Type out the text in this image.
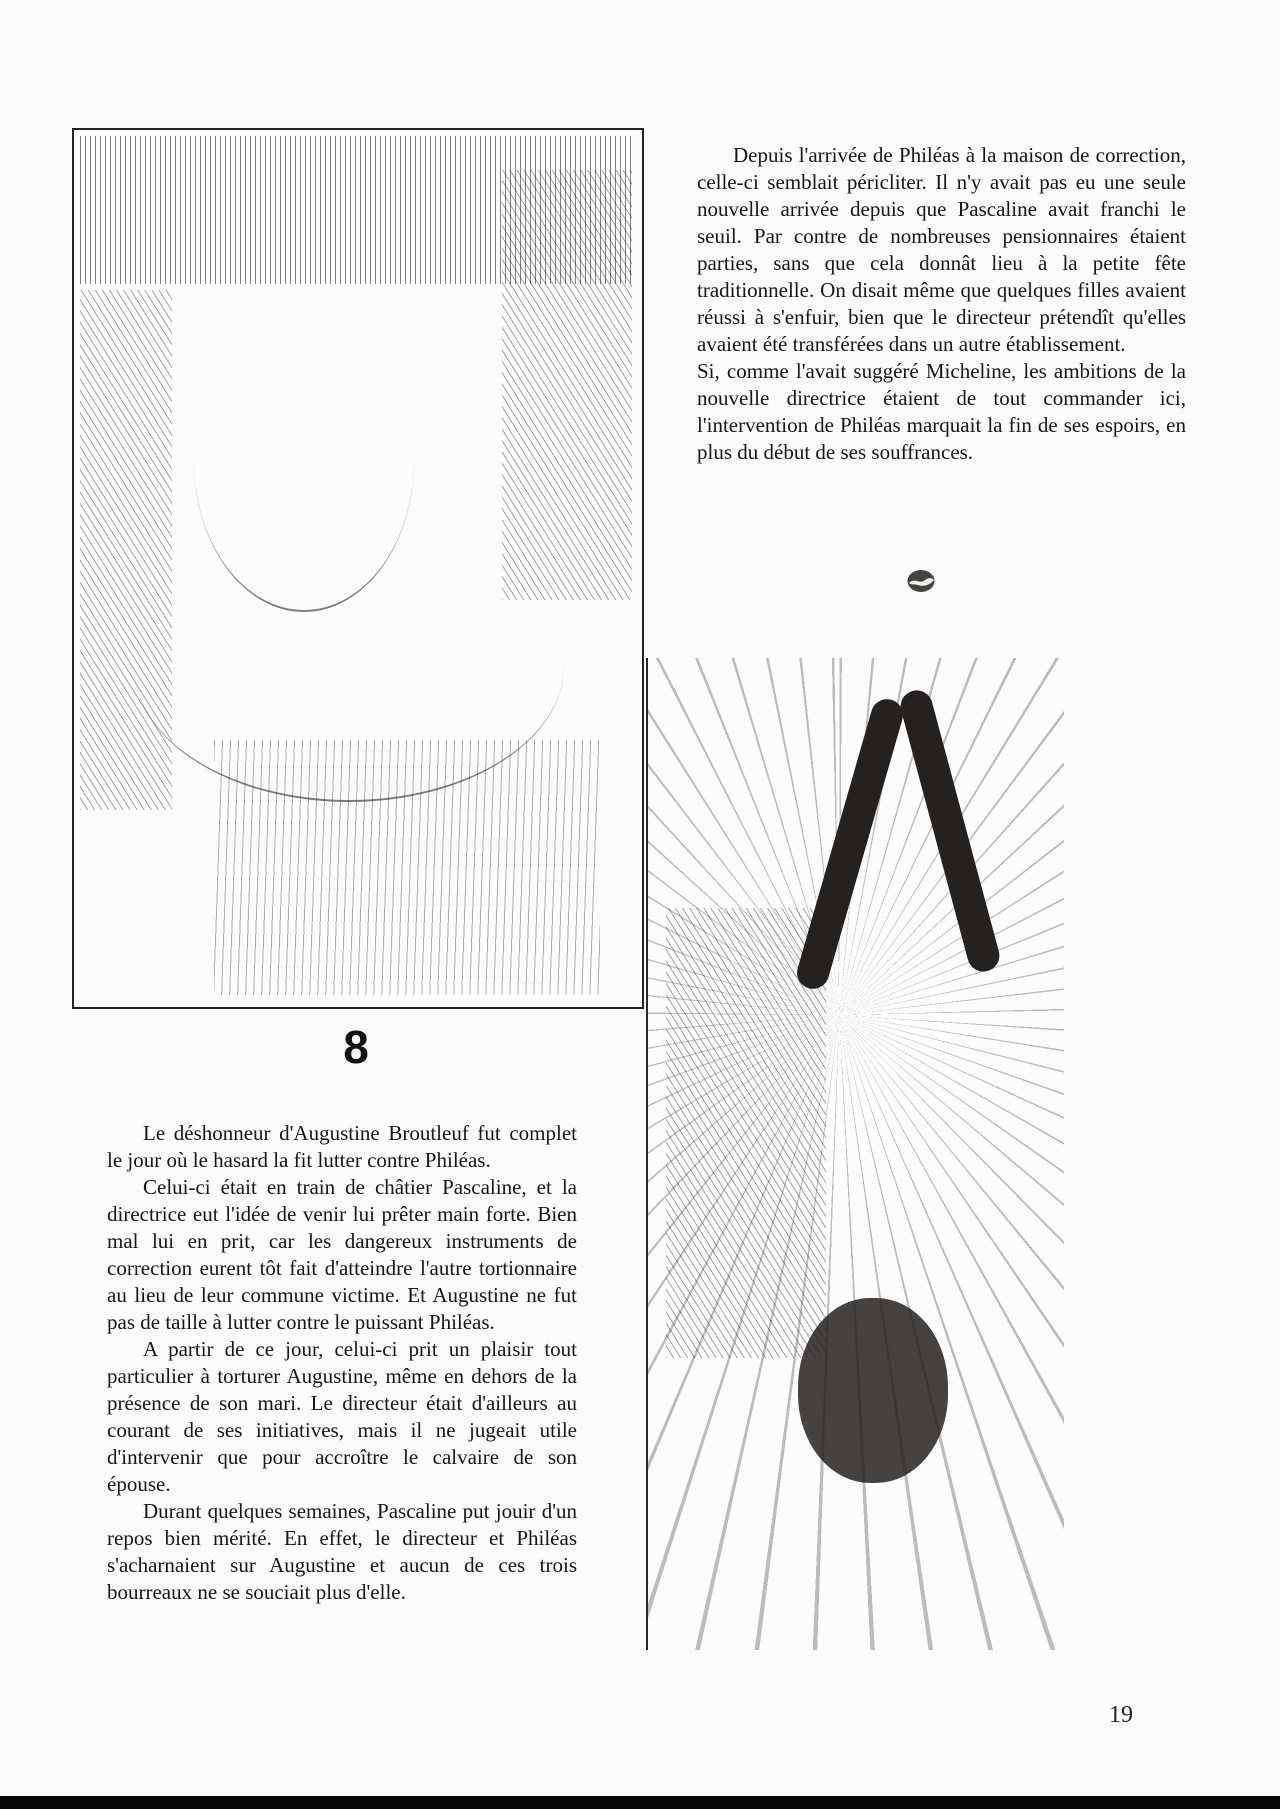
8

Depuis l'arrivée de Philéas à la maison de correction, celle-ci semblait péricliter. Il n'y avait pas eu une seule nouvelle arrivée depuis que Pascaline avait franchi le seuil. Par contre de nombreuses pensionnaires étaient parties, sans que cela donnât lieu à la petite fête traditionnelle. On disait même que quelques filles avaient réussi à s'enfuir, bien que le directeur prétendît qu'elles avaient été transférées dans un autre établissement.

Si, comme l'avait suggéré Micheline, les ambitions de la nouvelle directrice étaient de tout commander ici, l'intervention de Philéas marquait la fin de ses espoirs, en plus du début de ses souffrances.

Le déshonneur d'Augustine Broutleuf fut complet le jour où le hasard la fit lutter contre Philéas.

Celui-ci était en train de châtier Pascaline, et la directrice eut l'idée de venir lui prêter main forte. Bien mal lui en prit, car les dangereux instruments de correction eurent tôt fait d'atteindre l'autre tortionnaire au lieu de leur commune victime. Et Augustine ne fut pas de taille à lutter contre le puissant Philéas.

A partir de ce jour, celui-ci prit un plaisir tout particulier à torturer Augustine, même en dehors de la présence de son mari. Le directeur était d'ailleurs au courant de ses initiatives, mais il ne jugeait utile d'intervenir que pour accroître le calvaire de son épouse.

Durant quelques semaines, Pascaline put jouir d'un repos bien mérité. En effet, le directeur et Philéas s'acharnaient sur Augustine et aucun de ces trois bourreaux ne se souciait plus d'elle.

19
